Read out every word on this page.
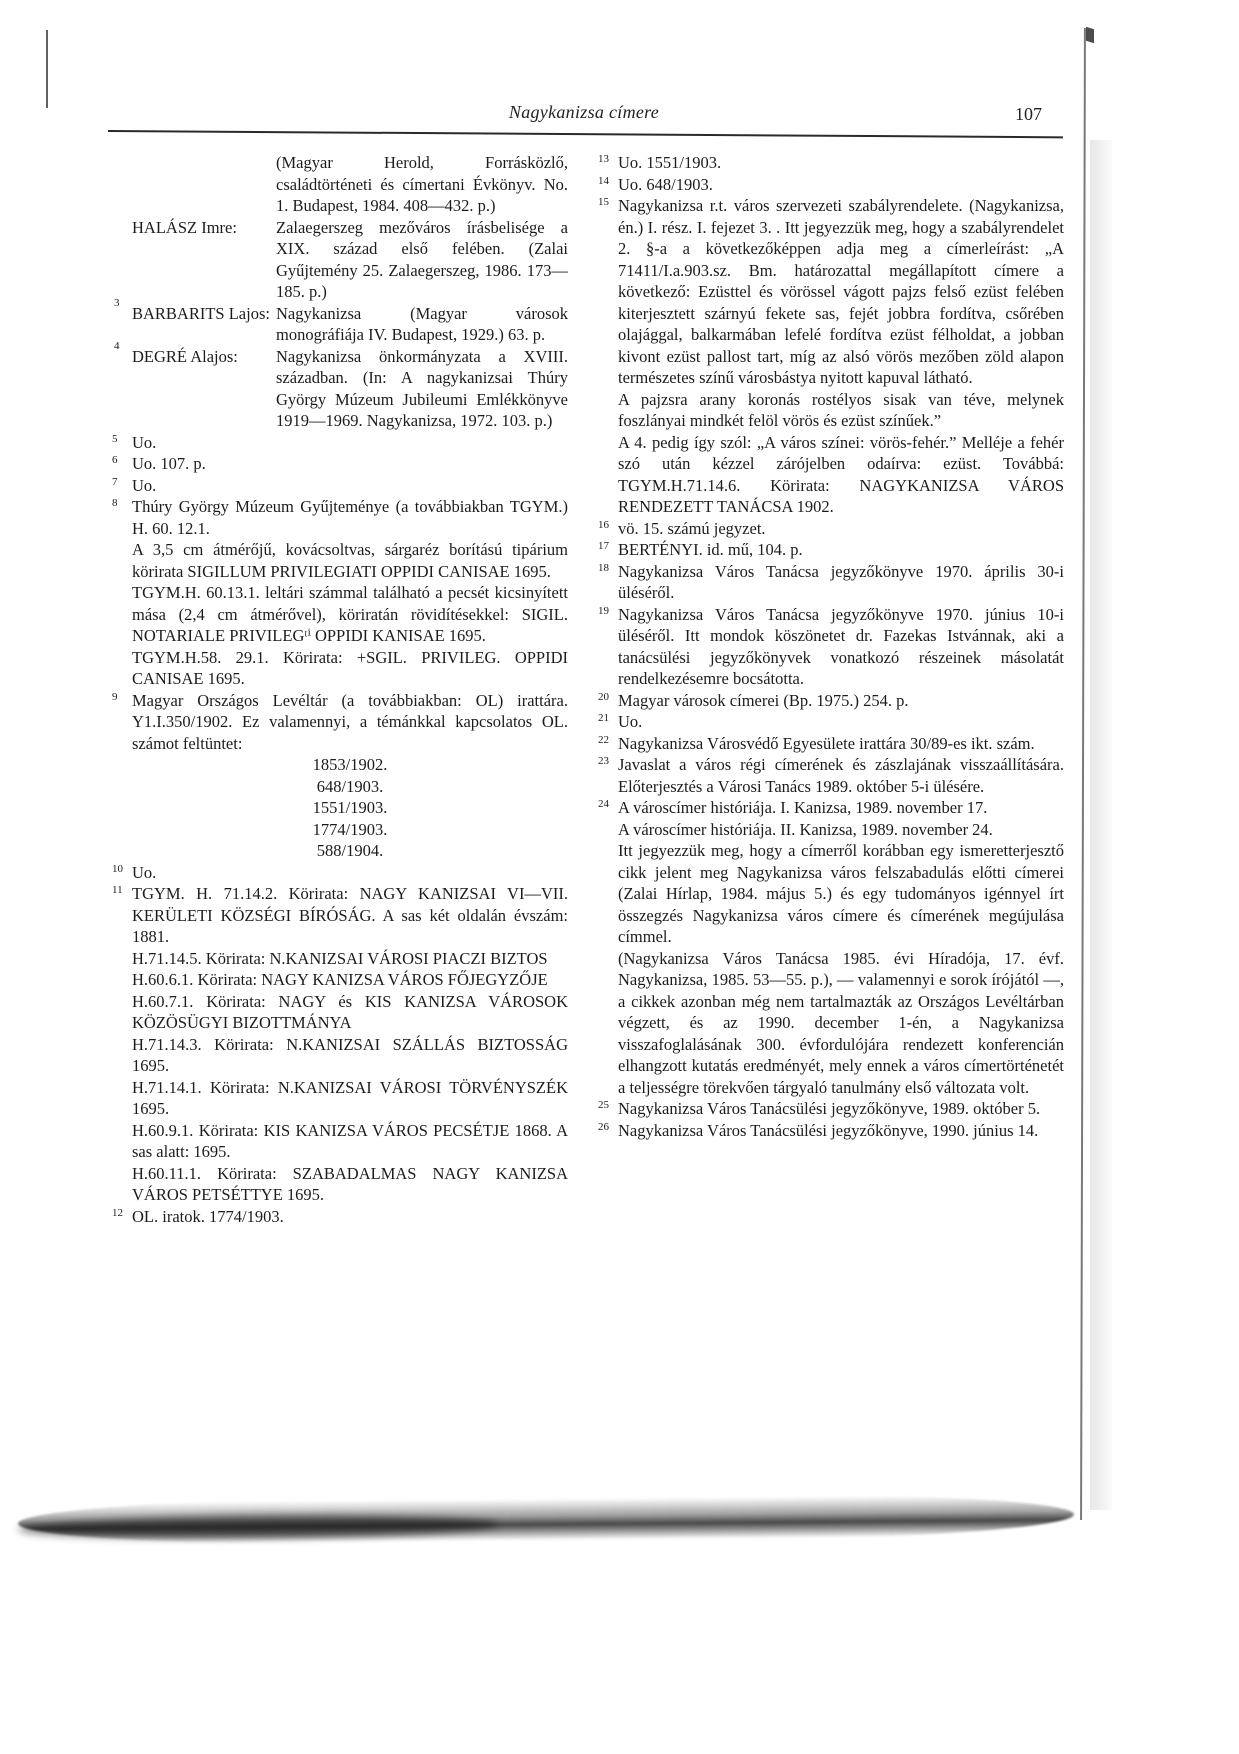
Nagykanizsa címere	107
(Magyar Herold, Forrásközlő, családtörténeti és címertani Évkönyv. No. 1. Budapest, 1984. 408—432. p.)
HALÁSZ Imre:	Zalaegerszeg mezőváros írásbelisége a XIX. század első felében. (Zalai Gyűjtemény 25. Zalaegerszeg, 1986. 173—185. p.)
3
BARBARITS Lajos: Nagykanizsa (Magyar városok monográfiája IV. Budapest, 1929.) 63. p.
4
DEGRÉ Alajos:	Nagykanizsa önkormányzata a XVIII. században. (In: A nagykanizsai Thúry György Múzeum Jubileumi Emlékkönyve 1919—1969. Nagykanizsa, 1972. 103. p.)
5 Uo.

6 Uo. 107. p.

7 Uo.

8 Thúry György Múzeum Gyűjteménye (a továbbiakban TGYM.) H. 60. 12.1.

A 3,5 cm átmérőjű, kovácsoltvas, sárgaréz borítású tipárium körirata SIGILLUM PRIVILEGIATI OPPIDI CANISAE 1695.

TGYM.H. 60.13.1. leltári számmal található a pecsét kicsinyített mása (2,4 cm átmérővel), köriratán rövidítésekkel: SIGIL. NOTARIALE PRIVILEGᵗⁱ OPPIDI KANISAE 1695.

TGYM.H.58. 29.1. Körirata: +SGIL. PRIVILEG. OPPIDI CANISAE 1695.

9 Magyar Országos Levéltár (a továbbiakban: OL) irattára. Y1.I.350/1902. Ez valamennyi, a témánkkal kapcsolatos OL. számot feltüntet:

1853/1902.

648/1903.

1551/1903.

1774/1903.

588/1904.

10 Uo.

11 TGYM. H. 71.14.2. Körirata: NAGY KANIZSAI VI—VII. KERÜLETI KÖZSÉGI BÍRÓSÁG. A sas két oldalán évszám: 1881.

H.71.14.5. Körirata: N.KANIZSAI VÁROSI PIACZI BIZTOS

H.60.6.1. Körirata: NAGY KANIZSA VÁROS FŐJEGYZŐJE

H.60.7.1. Körirata: NAGY és KIS KANIZSA VÁROSOK KÖZÖSÜGYI BIZOTTMÁNYA

H.71.14.3. Körirata: N.KANIZSAI SZÁLLÁS BIZTOSSÁG 1695.

H.71.14.1. Körirata: N.KANIZSAI VÁROSI TÖRVÉNYSZÉK 1695.

H.60.9.1. Körirata: KIS KANIZSA VÁROS PECSÉTJE 1868. A sas alatt: 1695.

H.60.11.1. Körirata: SZABADALMAS NAGY KANIZSA VÁROS PETSÉTTYE 1695.

12 OL. iratok. 1774/1903.

13 Uo. 1551/1903.

14 Uo. 648/1903.

15 Nagykanizsa r.t. város szervezeti szabályrendelete. (Nagykanizsa, én.) I. rész. I. fejezet 3. . Itt jegyezzük meg, hogy a szabályrendelet 2. §-a a következőképpen adja meg a címerleírást: „A 71411/I.a.903.sz. Bm. határozattal megállapított címere a következő: Ezüsttel és vörössel vágott pajzs felső ezüst felében kiterjesztett szárnyú fekete sas, fejét jobbra fordítva, csőrében olajággal, balkarmában lefelé fordítva ezüst félholdat, a jobban kivont ezüst pallost tart, míg az alsó vörös mezőben zöld alapon természetes színű városbástya nyitott kapuval látható.

A pajzsra arany koronás rostélyos sisak van téve, melynek foszlányai mindkét felöl vörös és ezüst színűek.”

A 4. pedig így szól: „A város színei: vörös-fehér.” Melléje a fehér szó után kézzel zárójelben odaírva: ezüst. Továbbá: TGYM.H.71.14.6. Körirata: NAGYKANIZSA VÁROS RENDEZETT TANÁCSA 1902.

16 vö. 15. számú jegyzet.

17 BERTÉNYI. id. mű, 104. p.

18 Nagykanizsa Város Tanácsa jegyzőkönyve 1970. április 30-i üléséről.

19 Nagykanizsa Város Tanácsa jegyzőkönyve 1970. június 10-i üléséről. Itt mondok köszönetet dr. Fazekas Istvánnak, aki a tanácsülési jegyzőkönyvek vonatkozó részeinek másolatát rendelkezésemre bocsátotta.

20 Magyar városok címerei (Bp. 1975.) 254. p.

21 Uo.

22 Nagykanizsa Városvédő Egyesülete irattára 30/89-es ikt. szám.

23 Javaslat a város régi címerének és zászlajának visszaállítására. Előterjesztés a Városi Tanács 1989. október 5-i ülésére.

24 A városcímer históriája. I. Kanizsa, 1989. november 17.

A városcímer históriája. II. Kanizsa, 1989. november 24.

Itt jegyezzük meg, hogy a címerről korábban egy ismeretterjesztő cikk jelent meg Nagykanizsa város felszabadulás előtti címerei (Zalai Hírlap, 1984. május 5.) és egy tudományos igénnyel írt összegzés Nagykanizsa város címere és címerének megújulása címmel.

(Nagykanizsa Város Tanácsa 1985. évi Híradója, 17. évf. Nagykanizsa, 1985. 53—55. p.), — valamennyi e sorok írójától —, a cikkek azonban még nem tartalmazták az Országos Levéltárban végzett, és az 1990. december 1-én, a Nagykanizsa visszafoglalásának 300. évfordulójára rendezett konferencián elhangzott kutatás eredményét, mely ennek a város címertörténetét a teljességre törekvően tárgyaló tanulmány első változata volt.

25 Nagykanizsa Város Tanácsülési jegyzőkönyve, 1989. október 5.

26 Nagykanizsa Város Tanácsülési jegyzőkönyve, 1990. június 14.
